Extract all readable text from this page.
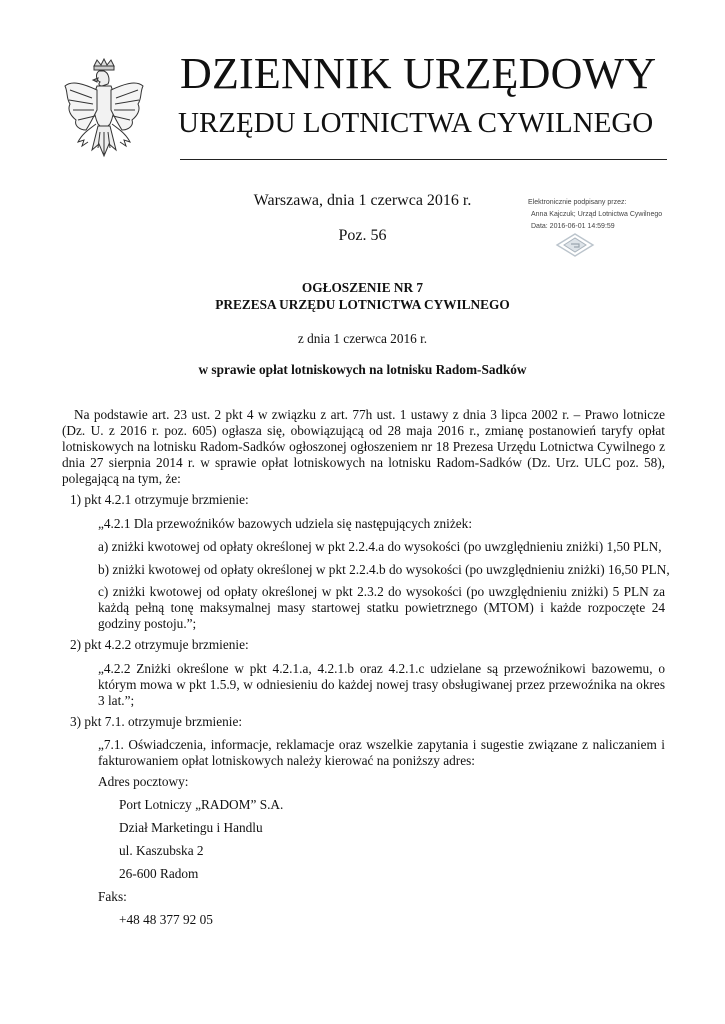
DZIENNIK URZĘDOWY
URZĘDU LOTNICTWA CYWILNEGO
Warszawa, dnia 1 czerwca 2016 r.
Poz. 56
Elektronicznie podpisany przez:
Anna Kajczuk; Urząd Lotnictwa Cywilnego
Data: 2016-06-01 14:59:59
OGŁOSZENIE NR 7
PREZESA URZĘDU LOTNICTWA CYWILNEGO
z dnia 1 czerwca 2016 r.
w sprawie opłat lotniskowych na lotnisku Radom-Sadków
Na podstawie art. 23 ust. 2 pkt 4 w związku z art. 77h ust. 1 ustawy z dnia 3 lipca 2002 r. – Prawo lotnicze (Dz. U. z 2016 r. poz. 605) ogłasza się, obowiązującą od 28 maja 2016 r., zmianę postanowień taryfy opłat lotniskowych na lotnisku Radom-Sadków ogłoszonej ogłoszeniem nr 18 Prezesa Urzędu Lotnictwa Cywilnego z dnia 27 sierpnia 2014 r. w sprawie opłat lotniskowych na lotnisku Radom-Sadków (Dz. Urz. ULC poz. 58), polegającą na tym, że:
1) pkt 4.2.1 otrzymuje brzmienie:
„4.2.1 Dla przewoźników bazowych udziela się następujących zniżek:
a) zniżki kwotowej od opłaty określonej w pkt 2.2.4.a do wysokości (po uwzględnieniu zniżki) 1,50 PLN,
b) zniżki kwotowej od opłaty określonej w pkt 2.2.4.b do wysokości (po uwzględnieniu zniżki) 16,50 PLN,
c) zniżki kwotowej od opłaty określonej w pkt 2.3.2 do wysokości (po uwzględnieniu zniżki) 5 PLN za każdą pełną tonę maksymalnej masy startowej statku powietrznego (MTOM) i każde rozpoczęte 24 godziny postoju.”;
2) pkt 4.2.2 otrzymuje brzmienie:
„4.2.2 Zniżki określone w pkt 4.2.1.a, 4.2.1.b oraz 4.2.1.c udzielane są przewoźnikowi bazowemu, o którym mowa w pkt 1.5.9, w odniesieniu do każdej nowej trasy obsługiwanej przez przewoźnika na okres 3 lat.”;
3) pkt 7.1. otrzymuje brzmienie:
„7.1. Oświadczenia, informacje, reklamacje oraz wszelkie zapytania i sugestie związane z naliczaniem i fakturowaniem opłat lotniskowych należy kierować na poniższy adres:
Adres pocztowy:
Port Lotniczy „RADOM” S.A.
Dział Marketingu i Handlu
ul. Kaszubska 2
26-600 Radom
Faks:
+48 48 377 92 05
